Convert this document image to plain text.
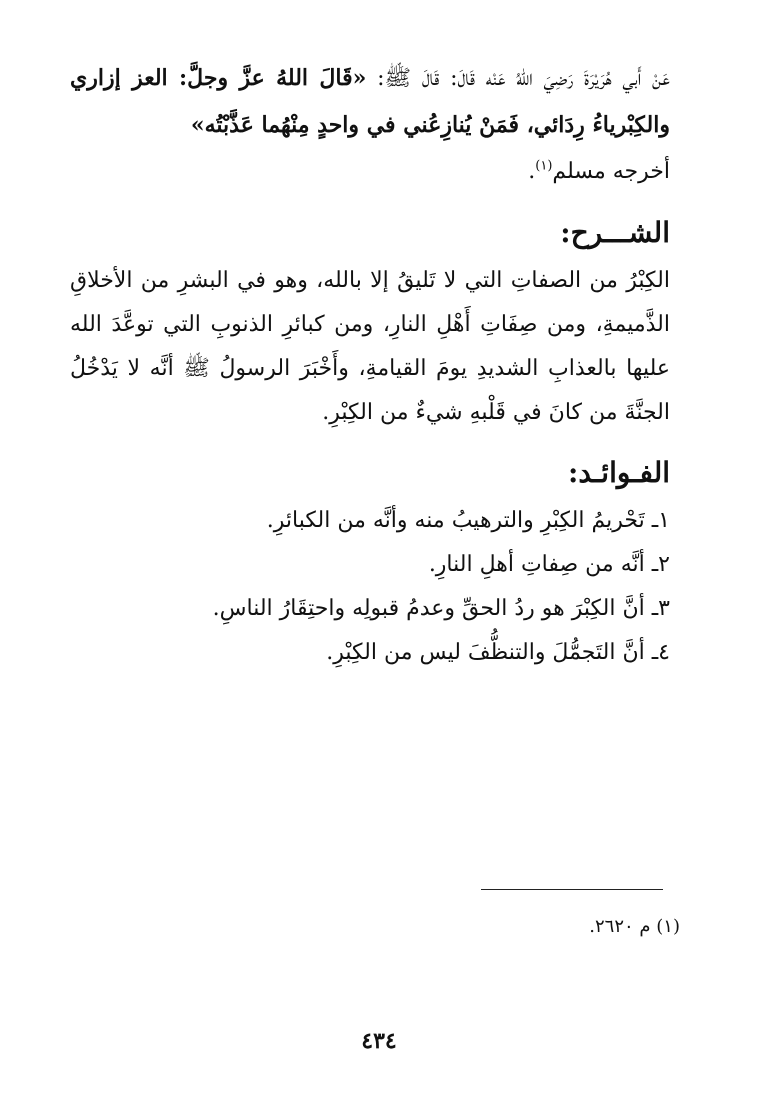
عَنْ أَبي هُرَيْرَةَ رَضِيَ اللهُ عَنْه قَالَ: قَالَ ﷺ: «قَالَ اللهُ عزَّ وجلَّ: العز إزاري والكِبْرياءُ رِدَائي، فَمَنْ يُنازِعُني في واحدٍ مِنْهُما عَذَّبْتُه»
أخرجه مسلم$^{(١)}$.

الشـــرح:

الكِبْرُ من الصفاتِ التي لا تَليقُ إلا بالله، وهو في البشرِ من الأخلاقِ الذَّميمةِ، ومن صِفَاتِ أَهْلِ النارِ، ومن كبائرِ الذنوبِ التي توعَّدَ الله عليها بالعذابِ الشديدِ يومَ القيامةِ، وأَخْبَرَ الرسولُ ﷺ أنَّه لا يَدْخُلُ الجنَّةَ من كانَ في قَلْبهِ شيءٌ من الكِبْرِ.

الفـوائـد:
١ـ تَحْريمُ الكِبْرِ والترهيبُ منه وأنَّه من الكبائرِ.
٢ـ أنَّه من صِفاتِ أهلِ النارِ.
٣ـ أنَّ الكِبْرَ هو ردُ الحقِّ وعدمُ قبولِه واحتِقَارُ الناسِ.
٤ـ أنَّ التَجمُّلَ والتنظُّفَ ليس من الكِبْرِ.
(١) م ٢٦٢٠.
٤٣٤
